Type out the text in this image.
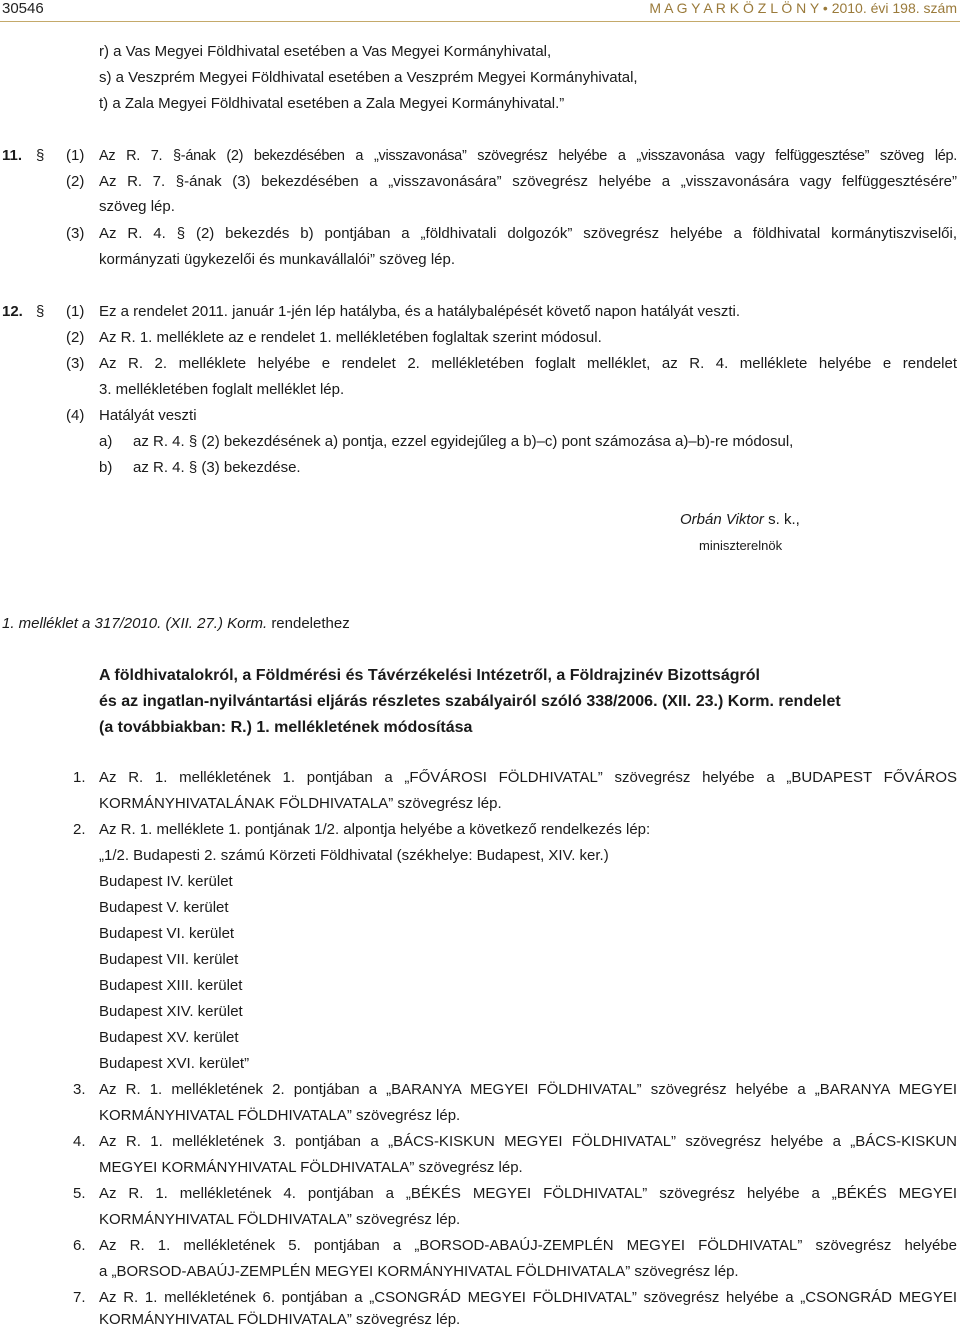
30546	M A G Y A R K Ö Z L Ö N Y • 2010. évi 198. szám
r) a Vas Megyei Földhivatal esetében a Vas Megyei Kormányhivatal,
s) a Veszprém Megyei Földhivatal esetében a Veszprém Megyei Kormányhivatal,
t) a Zala Megyei Földhivatal esetében a Zala Megyei Kormányhivatal.”
11. § (1) Az R. 7. §-ának (2) bekezdésében a „visszavonása” szövegrész helyébe a „visszavonása vagy felfüggesztése” szöveg lép.
(2) Az R. 7. §-ának (3) bekezdésében a „visszavonására” szövegrész helyébe a „visszavonására vagy felfüggesztésére”
szöveg lép.
(3) Az R. 4. § (2) bekezdés b) pontjában a „földhivatali dolgozók” szövegrész helyébe a földhivatal kormánytiszviselői,
kormányzati ügykezelői és munkavállalói” szöveg lép.
12. § (1) Ez a rendelet 2011. január 1-jén lép hatályba, és a hatálybalépését követő napon hatályát veszti.
(2) Az R. 1. melléklete az e rendelet 1. mellékletében foglaltak szerint módosul.
(3) Az R. 2. melléklete helyébe e rendelet 2. mellékletében foglalt melléklet, az R. 4. melléklete helyébe e rendelet
3. mellékletében foglalt melléklet lép.
(4) Hatályát veszti
a) az R. 4. § (2) bekezdésének a) pontja, ezzel egyidejűleg a b)–c) pont számozása a)–b)-re módosul,
b) az R. 4. § (3) bekezdése.
Orbán Viktor s. k.,
miniszterelnök
1. melléklet a 317/2010. (XII. 27.) Korm. rendelethez
A földhivatalokról, a Földmérési és Távérzékelési Intézetről, a Földrajzinév Bizottságról
és az ingatlan-nyilvántartási eljárás részletes szabályairól szóló 338/2006. (XII. 23.) Korm. rendelet
(a továbbiakban: R.) 1. mellékletének módosítása
1. Az R. 1. mellékletének 1. pontjában a „FŐVÁROSI FÖLDHIVATAL” szövegrész helyébe a „BUDAPEST FŐVÁROS
KORMÁNYHIVATALÁNAK FÖLDHIVATALA” szövegrész lép.
2. Az R. 1. melléklete 1. pontjának 1/2. alpontja helyébe a következő rendelkezés lép:
„1/2. Budapesti 2. számú Körzeti Földhivatal (székhelye: Budapest, XIV. ker.)
Budapest IV. kerület
Budapest V. kerület
Budapest VI. kerület
Budapest VII. kerület
Budapest XIII. kerület
Budapest XIV. kerület
Budapest XV. kerület
Budapest XVI. kerület”
3. Az R. 1. mellékletének 2. pontjában a „BARANYA MEGYEI FÖLDHIVATAL” szövegrész helyébe a „BARANYA MEGYEI
KORMÁNYHIVATAL FÖLDHIVATALA” szövegrész lép.
4. Az R. 1. mellékletének 3. pontjában a „BÁCS-KISKUN MEGYEI FÖLDHIVATAL” szövegrész helyébe a „BÁCS-KISKUN
MEGYEI KORMÁNYHIVATAL FÖLDHIVATALA” szövegrész lép.
5. Az R. 1. mellékletének 4. pontjában a „BÉKÉS MEGYEI FÖLDHIVATAL” szövegrész helyébe a „BÉKÉS MEGYEI
KORMÁNYHIVATAL FÖLDHIVATALA” szövegrész lép.
6. Az R. 1. mellékletének 5. pontjában a „BORSOD-ABAÚJ-ZEMPLÉN MEGYEI FÖLDHIVATAL” szövegrész helyébe
a „BORSOD-ABAÚJ-ZEMPLÉN MEGYEI KORMÁNYHIVATAL FÖLDHIVATALA” szövegrész lép.
7. Az R. 1. mellékletének 6. pontjában a „CSONGRÁD MEGYEI FÖLDHIVATAL” szövegrész helyébe a „CSONGRÁD MEGYEI
KORMÁNYHIVATAL FÖLDHIVATALA” szövegrész lép.
